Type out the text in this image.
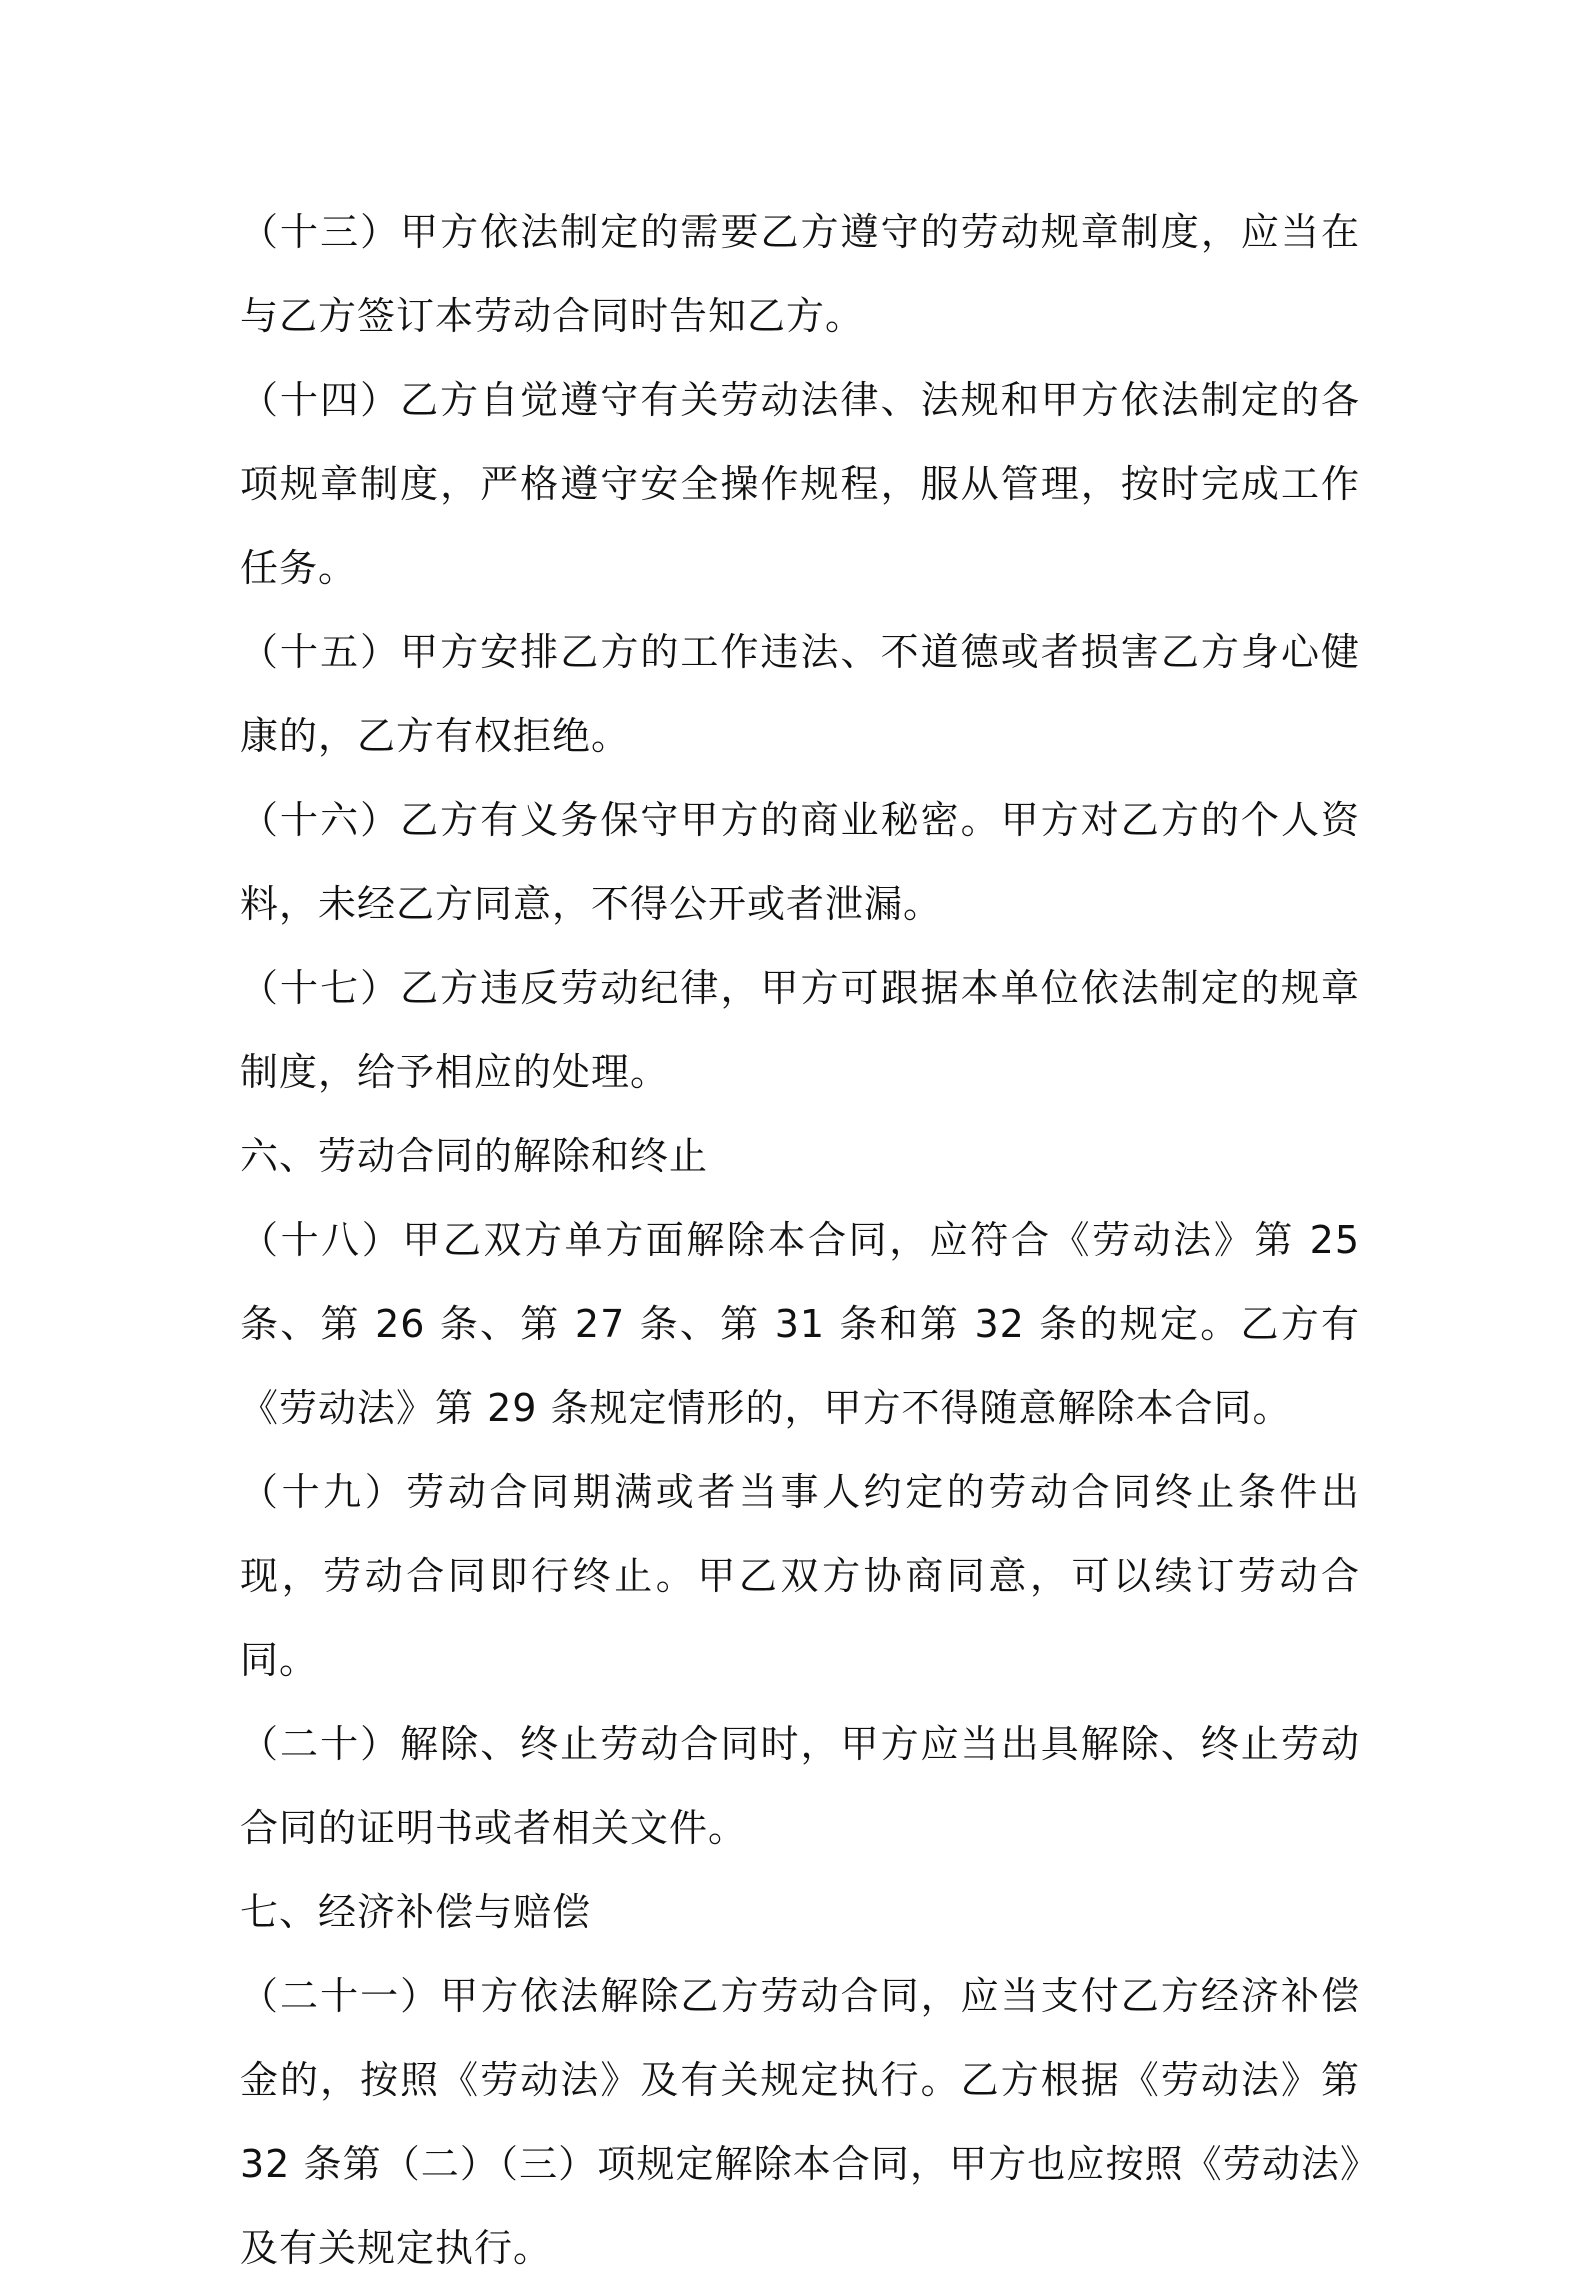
（十三）甲方依法制定的需要乙方遵守的劳动规章制度，应当在与乙方签订本劳动合同时告知乙方。

（十四）乙方自觉遵守有关劳动法律、法规和甲方依法制定的各项规章制度，严格遵守安全操作规程，服从管理，按时完成工作任务。

（十五）甲方安排乙方的工作违法、不道德或者损害乙方身心健康的，乙方有权拒绝。

（十六）乙方有义务保守甲方的商业秘密。甲方对乙方的个人资料，未经乙方同意，不得公开或者泄漏。

（十七）乙方违反劳动纪律，甲方可跟据本单位依法制定的规章制度，给予相应的处理。

六、劳动合同的解除和终止

（十八）甲乙双方单方面解除本合同，应符合《劳动法》第 25 条、第 26 条、第 27 条、第 31 条和第 32 条的规定。乙方有《劳动法》第 29 条规定情形的，甲方不得随意解除本合同。

（十九）劳动合同期满或者当事人约定的劳动合同终止条件出现，劳动合同即行终止。甲乙双方协商同意，可以续订劳动合同。

（二十）解除、终止劳动合同时，甲方应当出具解除、终止劳动合同的证明书或者相关文件。

七、经济补偿与赔偿

（二十一）甲方依法解除乙方劳动合同，应当支付乙方经济补偿金的，按照《劳动法》及有关规定执行。乙方根据《劳动法》第 32 条第（二）（三）项规定解除本合同，甲方也应按照《劳动法》及有关规定执行。
